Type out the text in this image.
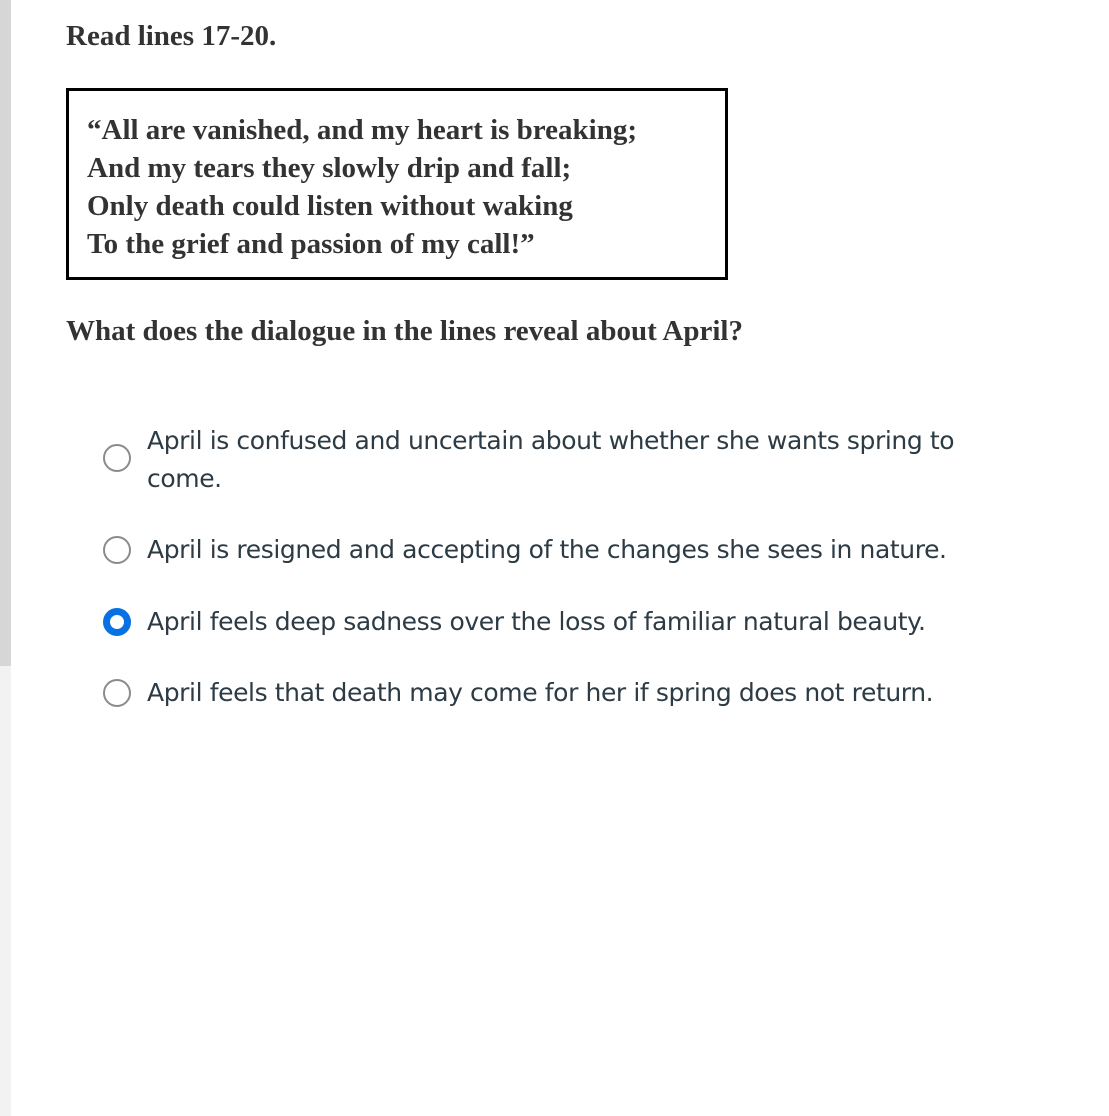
Read lines 17-20.

“All are vanished, and my heart is breaking;
And my tears they slowly drip and fall;
Only death could listen without waking
To the grief and passion of my call!”

What does the dialogue in the lines reveal about April?

April is confused and uncertain about whether she wants spring to come.
April is resigned and accepting of the changes she sees in nature.
April feels deep sadness over the loss of familiar natural beauty.
April feels that death may come for her if spring does not return.
